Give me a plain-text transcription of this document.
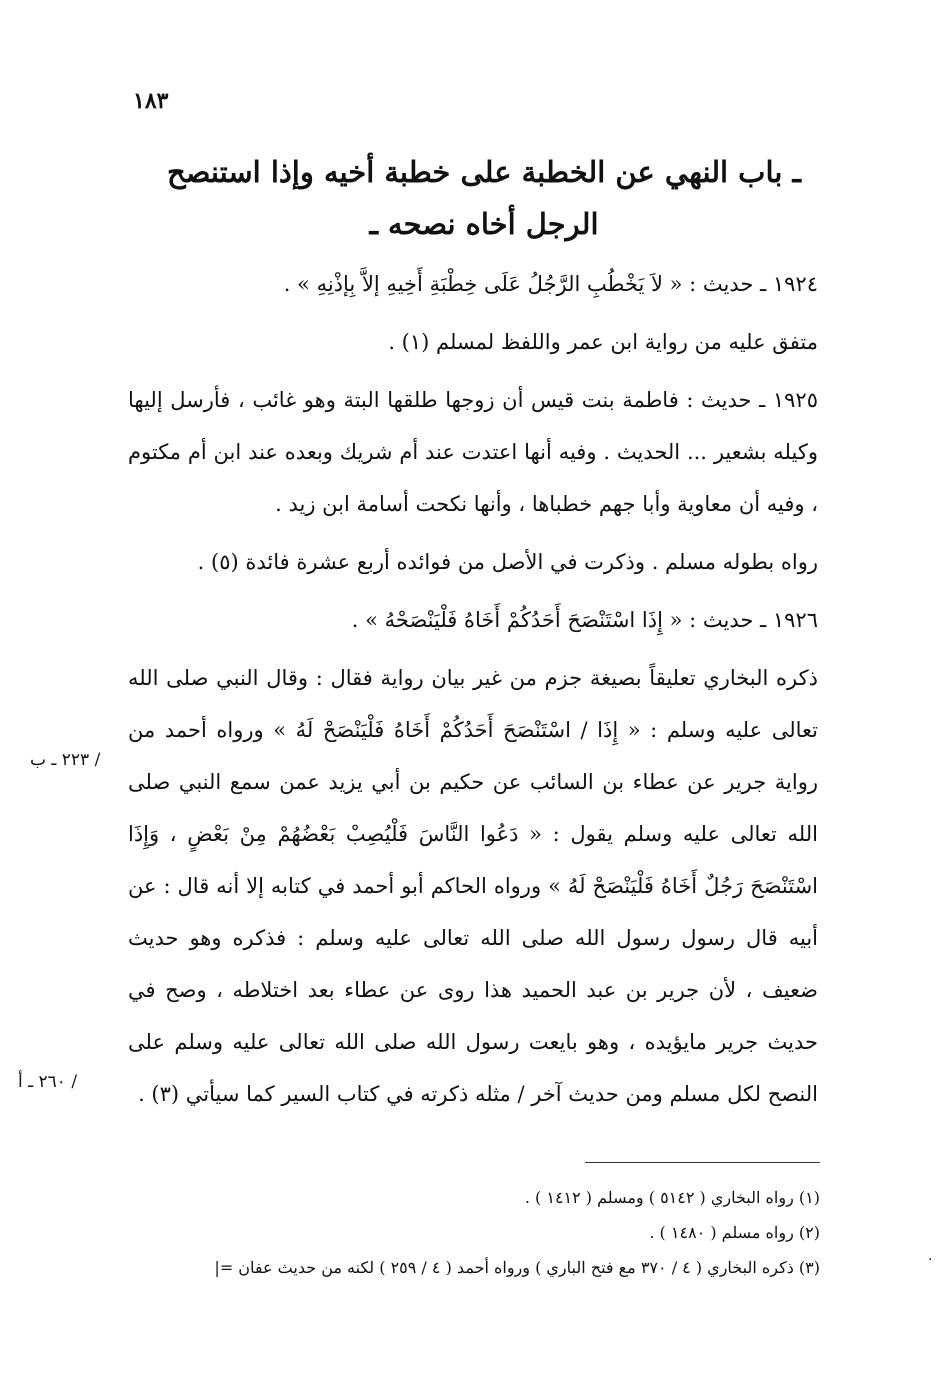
١٨٣
ـ باب النهي عن الخطبة على خطبة أخيه وإذا استنصح
الرجل أخاه نصحه ـ

١٩٢٤ ـ حديث : « لاَ يَخْطُبِ الرَّجُلُ عَلَى خِطْبَةِ أَخِيهِ إلاَّ بِإذْنِهِ » .

متفق عليه من رواية ابن عمر واللفظ لمسلم (١) .

١٩٢٥ ـ حديث : فاطمة بنت قيس أن زوجها طلقها البتة وهو غائب ، فأرسل إليها وكيله بشعير ... الحديث . وفيه أنها اعتدت عند أم شريك وبعده عند ابن أم مكتوم ، وفيه أن معاوية وأبا جهم خطباها ، وأنها نكحت أسامة ابن زيد .

رواه بطوله مسلم . وذكرت في الأصل من فوائده أربع عشرة فائدة (٥) .

١٩٢٦ ـ حديث : « إِذَا اسْتَنْصَحَ أَحَدُكُمْ أَخَاهُ فَلْيَنْصَحْهُ » .

ذكره البخاري تعليقاً بصيغة جزم من غير بيان رواية فقال : وقال النبي صلى الله تعالى عليه وسلم : « إِذَا / اسْتَنْصَحَ أَحَدُكُمْ أَخَاهُ فَلْيَنْصَحْ لَهُ » ورواه أحمد من رواية جرير عن عطاء بن السائب عن حكيم بن أبي يزيد عمن سمع النبي صلى الله تعالى عليه وسلم يقول : « دَعُوا النَّاسَ فَلْيُصِبْ بَعْضُهُمْ مِنْ بَعْضٍ ، وَإِذَا اسْتَنْصَحَ رَجُلٌ أَخَاهُ فَلْيَنْصَحْ لَهُ » ورواه الحاكم أبو أحمد في كتابه إلا أنه قال : عن أبيه قال رسول رسول الله صلى الله تعالى عليه وسلم : فذكره وهو حديث ضعيف ، لأن جرير بن عبد الحميد هذا روى عن عطاء بعد اختلاطه ، وصح في حديث جرير مايؤيده ، وهو بايعت رسول الله صلى الله تعالى عليه وسلم على النصح لكل مسلم ومن حديث آخر / مثله ذكرته في كتاب السير كما سيأتي (٣) .

/ ٢٢٣ ـ ب
/ ٢٦٠ ـ أ
(١) رواه البخاري ( ٥١٤٢ ) ومسلم ( ١٤١٢ ) .
(٢) رواه مسلم ( ١٤٨٠ ) .
(٣) ذكره البخاري ( ٤ / ٣٧٠ مع فتح الباري ) ورواه أحمد ( ٤ / ٢٥٩ ) لكنه من حديث عفان =|	·
